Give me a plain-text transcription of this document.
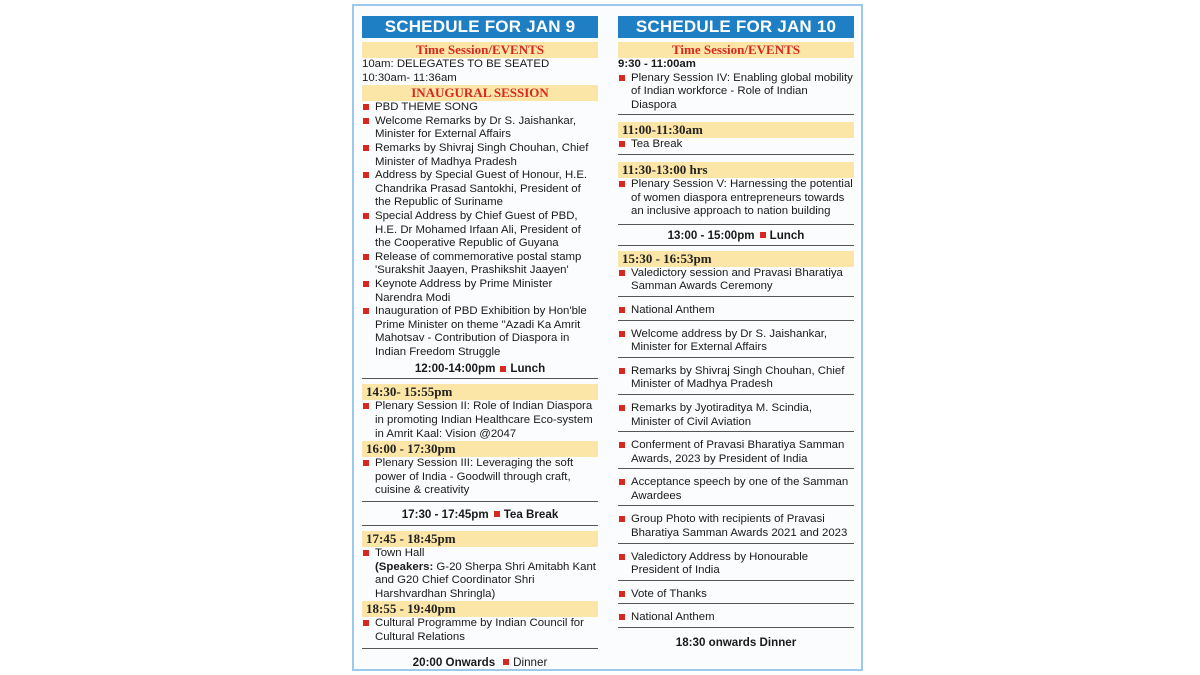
SCHEDULE FOR JAN 9
Time Session/EVENTS
10am: DELEGATES TO BE SEATED
10:30am- 11:36am
INAUGURAL SESSION
PBD THEME SONG
Welcome Remarks by Dr S. Jaishankar, Minister for External Affairs
Remarks by Shivraj Singh Chouhan, Chief Minister of Madhya Pradesh
Address by Special Guest of Honour, H.E. Chandrika Prasad Santokhi, President of the Republic of Suriname
Special Address by Chief Guest of PBD, H.E. Dr Mohamed Irfaan Ali, President of the Cooperative Republic of Guyana
Release of commemorative postal stamp 'Surakshit Jaayen, Prashikshit Jaayen'
Keynote Address by Prime Minister Narendra Modi
Inauguration of PBD Exhibition by Hon'ble Prime Minister on theme "Azadi Ka Amrit Mahotsav - Contribution of Diaspora in Indian Freedom Struggle
12:00-14:00pm Lunch
14:30- 15:55pm
Plenary Session II: Role of Indian Diaspora in promoting Indian Healthcare Eco-system in Amrit Kaal: Vision @2047
16:00 - 17:30pm
Plenary Session III: Leveraging the soft power of India - Goodwill through craft, cuisine & creativity
17:30 - 17:45pm Tea Break
17:45 - 18:45pm
Town Hall
(Speakers: G-20 Sherpa Shri Amitabh Kant and G20 Chief Coordinator Shri Harshvardhan Shringla)
18:55 - 19:40pm
Cultural Programme by Indian Council for Cultural Relations
20:00 Onwards Dinner
SCHEDULE FOR JAN 10
Time Session/EVENTS
9:30 - 11:00am
Plenary Session IV: Enabling global mobility of Indian workforce - Role of Indian Diaspora
11:00-11:30am
Tea Break
11:30-13:00 hrs
Plenary Session V: Harnessing the potential of women diaspora entrepreneurs towards an inclusive approach to nation building
13:00 - 15:00pm Lunch
15:30 - 16:53pm
Valedictory session and Pravasi Bharatiya Samman Awards Ceremony
National Anthem
Welcome address by Dr S. Jaishankar, Minister for External Affairs
Remarks by Shivraj Singh Chouhan, Chief Minister of Madhya Pradesh
Remarks by Jyotiraditya M. Scindia, Minister of Civil Aviation
Conferment of Pravasi Bharatiya Samman Awards, 2023 by President of India
Acceptance speech by one of the Samman Awardees
Group Photo with recipients of Pravasi Bharatiya Samman Awards 2021 and 2023
Valedictory Address by Honourable President of India
Vote of Thanks
National Anthem
18:30 onwards Dinner
